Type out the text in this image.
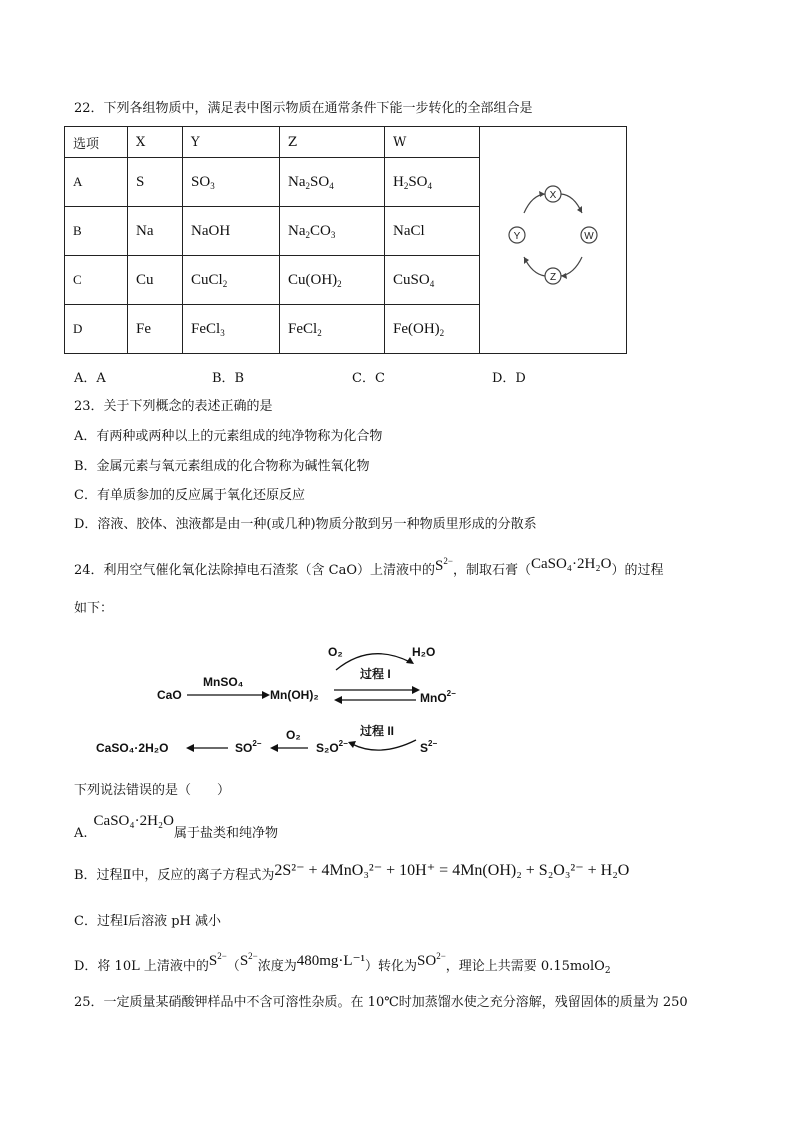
22．下列各组物质中，满足表中图示物质在通常条件下能一步转化的全部组合是
选项	X	Y	Z	W	X
Y W
Z

A	S	$SO_3$	$Na_2SO_4$	$H_2SO_4$
B	Na	NaOH	$Na_2CO_3$	NaCl	
C	Cu	CuCl$_2$	$Cu(OH)_2$	CuSO$_4$
D	Fe	FeCl$_3$	FeCl$_2$	$Fe(OH)_2$
A．A	B．B	C．C	D．D
23．关于下列概念的表述正确的是
A．有两种或两种以上的元素组成的纯净物称为化合物
B．金属元素与氧元素组成的化合物称为碱性氧化物
C．有单质参加的反应属于氧化还原反应
D．溶液、胶体、浊液都是由一种(或几种)物质分散到另一种物质里形成的分散系
24．利用空气催化氧化法除掉电石渣浆（含 CaO）上清液中的$S^{2-}$，制取石膏（CaSO₄·2H₂O）的过程
如下：
CaO
MnSO₄
Mn(OH)₂
O₂	H₂O
过程 I
MnO$^{2-}$
过程 II
$S^{2-}$
$S_2O^{2-}$
O₂
$SO^{2-}$
CaSO₄·2H₂O
下列说法错误的是（　　）
A.CaSO₄·2H₂O属于盐类和纯净物
B．过程Ⅱ中，反应的离子方程式为2S²⁻ + 4MnO₃²⁻ + 10H⁺ = 4Mn(OH)₂ + S₂O₃²⁻ + H₂O
C．过程Ⅰ后溶液 pH 减小
D．将 10L 上清液中的$S^{2-}(S^{2-}$浓度为480mg·L⁻¹）转化为$SO^{2-}$，理论上共需要 0.15molO$_2$
25．一定质量某硝酸钾样品中不含可溶性杂质。在 10℃时加蒸馏水使之充分溶解，残留固体的质量为 250
